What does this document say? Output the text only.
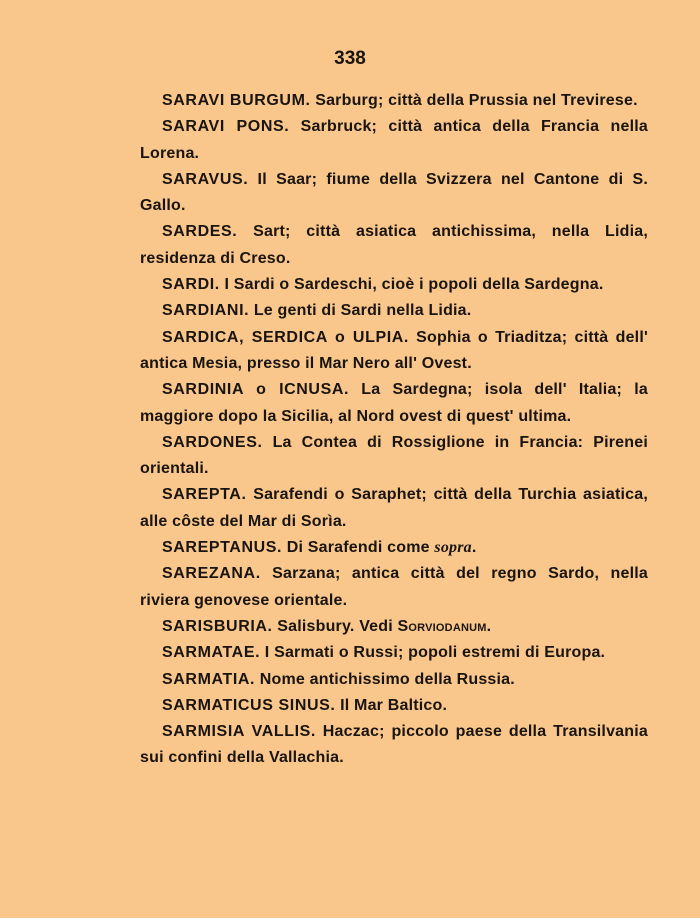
338

SARAVI BURGUM. Sarburg; città della Prussia nel Trevirese.

SARAVI PONS. Sarbruck; città antica della Francia nella Lorena.

SARAVUS. Il Saar; fiume della Svizzera nel Cantone di S. Gallo.

SARDES. Sart; città asiatica antichissima, nella Lidia, residenza di Creso.

SARDI. I Sardi o Sardeschi, cioè i popoli della Sardegna.

SARDIANI. Le genti di Sardi nella Lidia.

SARDICA, SERDICA o ULPIA. Sophia o Triaditza; città dell' antica Mesia, presso il Mar Nero all' Ovest.

SARDINIA o ICNUSA. La Sardegna; isola dell' Italia; la maggiore dopo la Sicilia, al Nord ovest di quest' ultima.

SARDONES. La Contea di Rossiglione in Francia: Pirenei orientali.

SAREPTA. Sarafendi o Saraphet; città della Turchia asiatica, alle côste del Mar di Sorìa.

SAREPTANUS. Di Sarafendi come sopra.

SAREZANA. Sarzana; antica città del regno Sardo, nella riviera genovese orientale.

SARISBURIA. Salisbury. Vedi Sorviodanum.

SARMATAE. I Sarmati o Russi; popoli estremi di Europa.

SARMATIA. Nome antichissimo della Russia.

SARMATICUS SINUS. Il Mar Baltico.

SARMISIA VALLIS. Haczac; piccolo paese della Transilvania sui confini della Vallachia.
